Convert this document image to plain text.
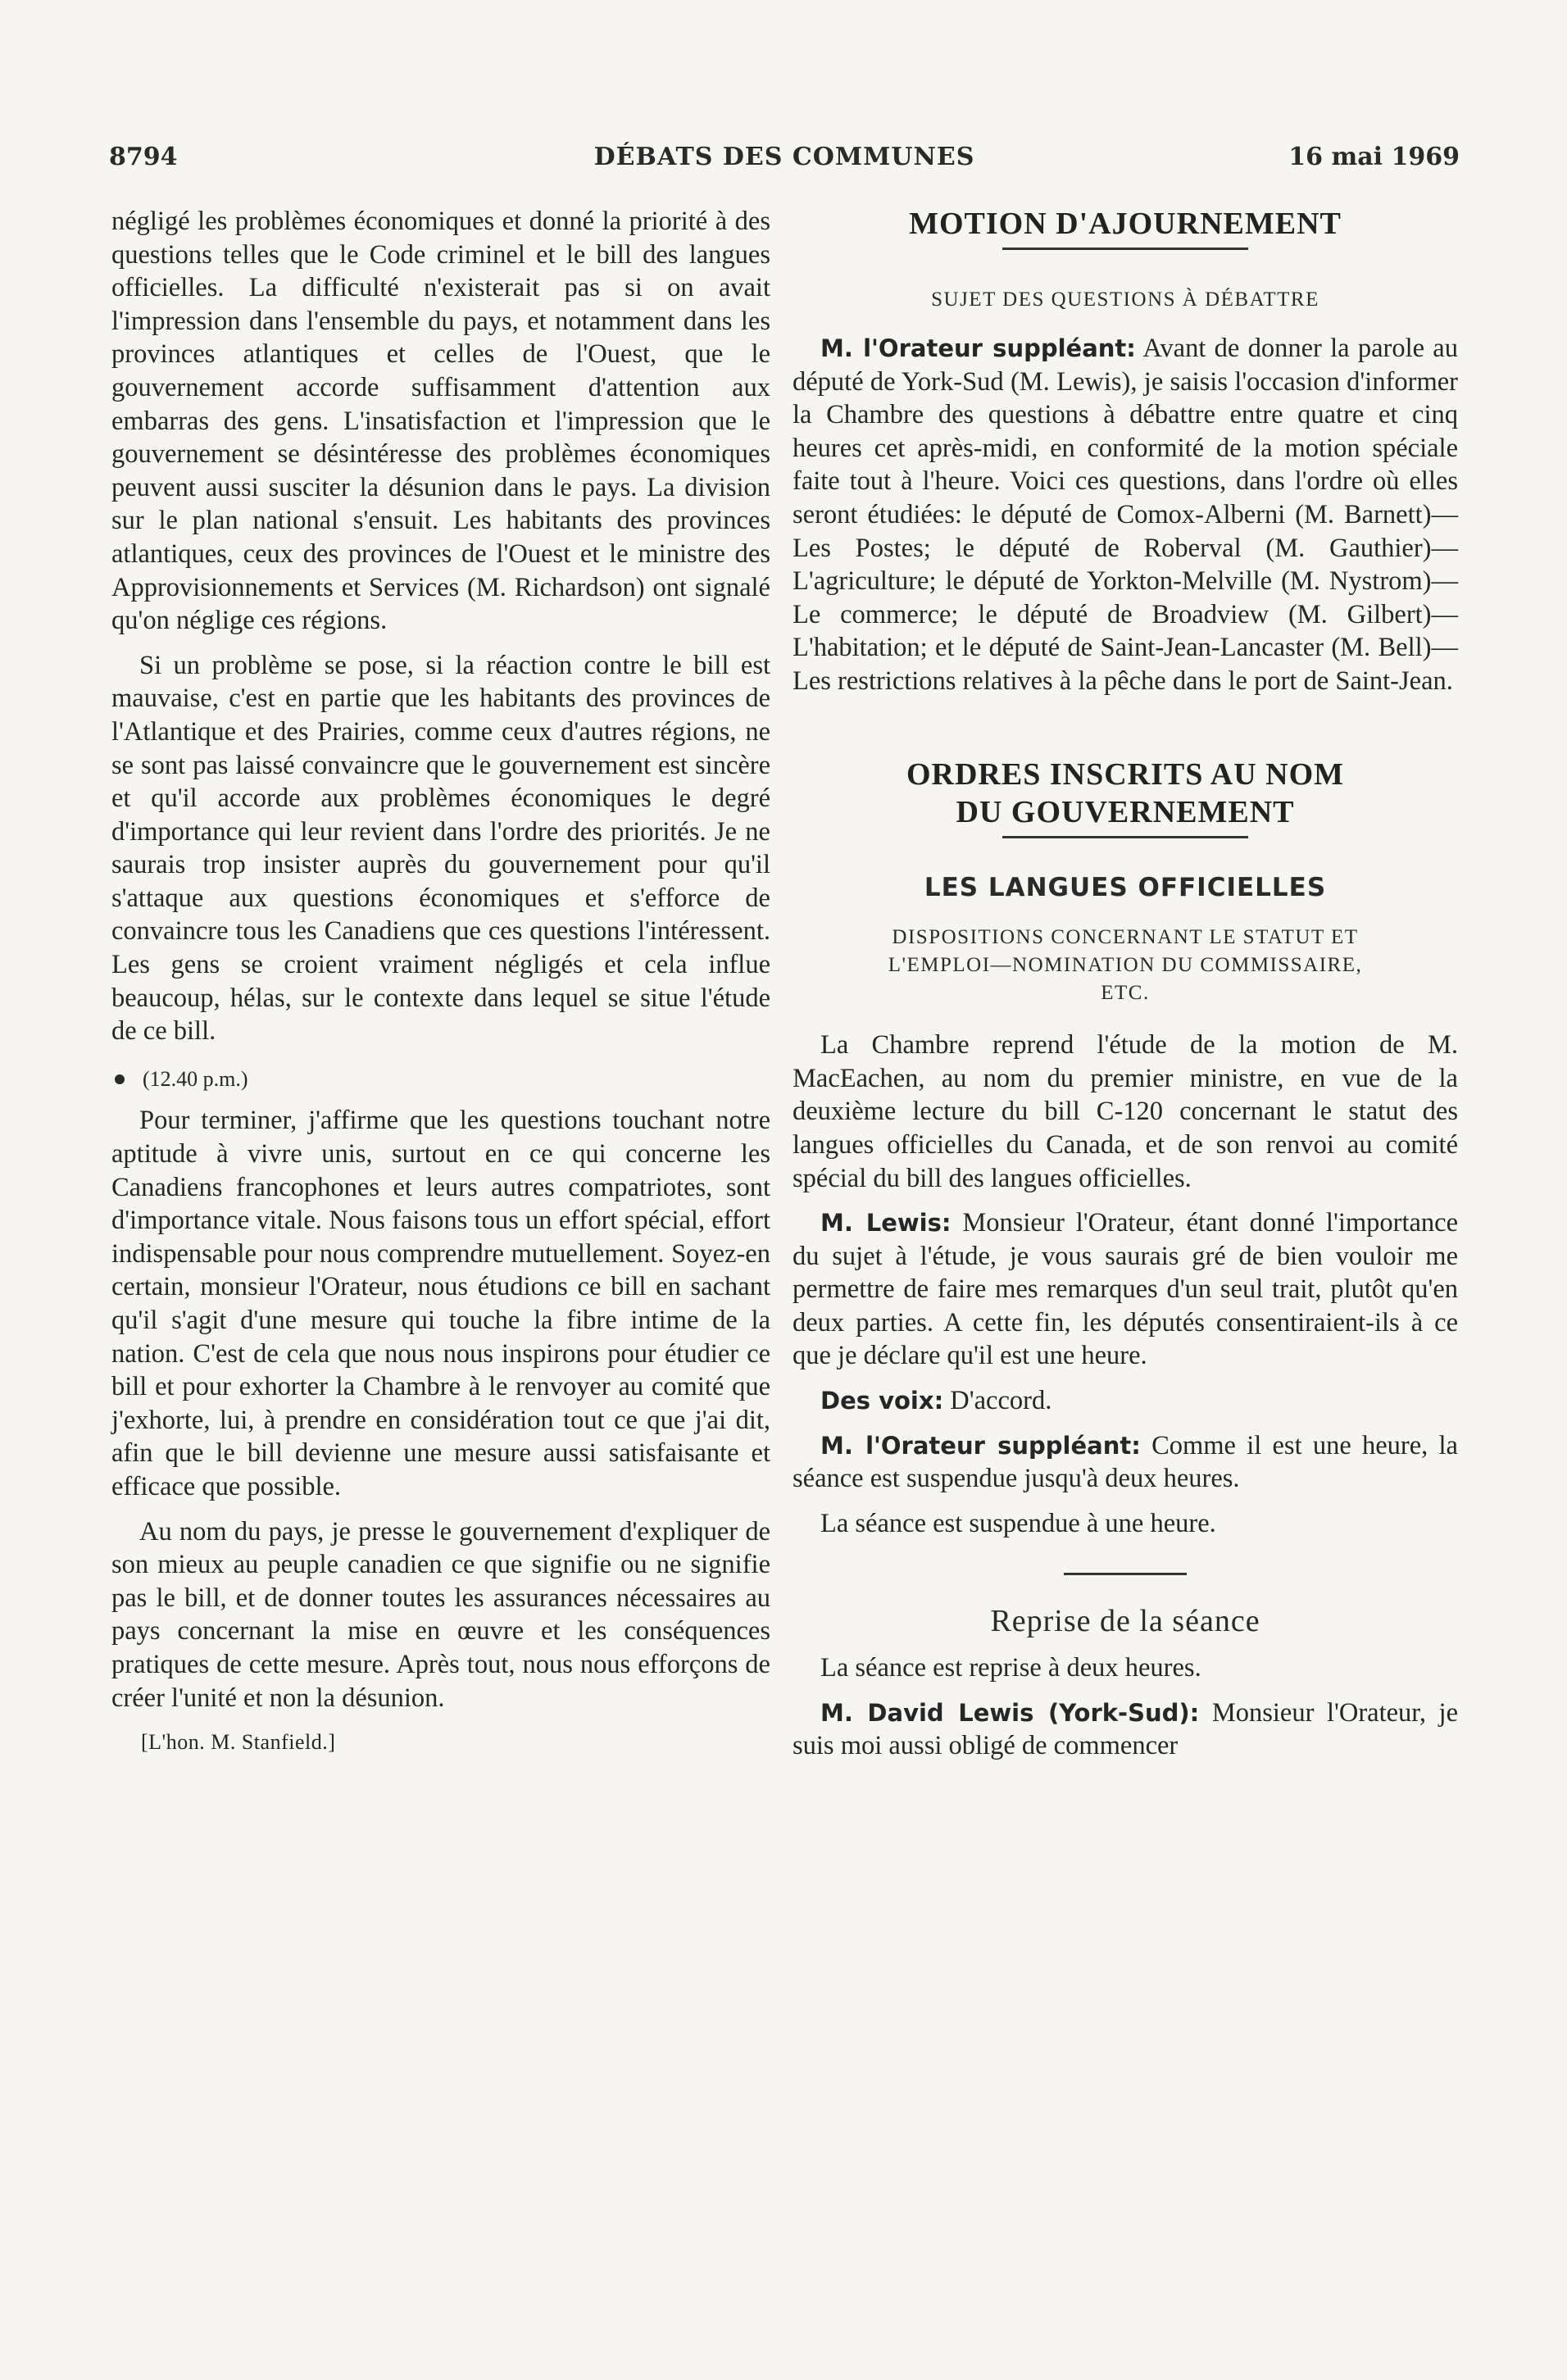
8794	DÉBATS DES COMMUNES	16 mai 1969

négligé les problèmes économiques et donné la priorité à des questions telles que le Code criminel et le bill des langues officielles. La difficulté n'existerait pas si on avait l'impression dans l'ensemble du pays, et notamment dans les provinces atlantiques et celles de l'Ouest, que le gouvernement accorde suffisamment d'attention aux embarras des gens. L'insatisfaction et l'impression que le gouvernement se désintéresse des problèmes économiques peuvent aussi susciter la désunion dans le pays. La division sur le plan national s'ensuit. Les habitants des provinces atlantiques, ceux des provinces de l'Ouest et le ministre des Approvisionnements et Services (M. Richardson) ont signalé qu'on néglige ces régions.

Si un problème se pose, si la réaction contre le bill est mauvaise, c'est en partie que les habitants des provinces de l'Atlantique et des Prairies, comme ceux d'autres régions, ne se sont pas laissé convaincre que le gouvernement est sincère et qu'il accorde aux problèmes économiques le degré d'importance qui leur revient dans l'ordre des priorités. Je ne saurais trop insister auprès du gouvernement pour qu'il s'attaque aux questions économiques et s'efforce de convaincre tous les Canadiens que ces questions l'intéressent. Les gens se croient vraiment négligés et cela influe beaucoup, hélas, sur le contexte dans lequel se situe l'étude de ce bill.

(12.40 p.m.)

Pour terminer, j'affirme que les questions touchant notre aptitude à vivre unis, surtout en ce qui concerne les Canadiens francophones et leurs autres compatriotes, sont d'importance vitale. Nous faisons tous un effort spécial, effort indispensable pour nous comprendre mutuellement. Soyez-en certain, monsieur l'Orateur, nous étudions ce bill en sachant qu'il s'agit d'une mesure qui touche la fibre intime de la nation. C'est de cela que nous nous inspirons pour étudier ce bill et pour exhorter la Chambre à le renvoyer au comité que j'exhorte, lui, à prendre en considération tout ce que j'ai dit, afin que le bill devienne une mesure aussi satisfaisante et efficace que possible.

Au nom du pays, je presse le gouvernement d'expliquer de son mieux au peuple canadien ce que signifie ou ne signifie pas le bill, et de donner toutes les assurances nécessaires au pays concernant la mise en œuvre et les conséquences pratiques de cette mesure. Après tout, nous nous efforçons de créer l'unité et non la désunion.

[L'hon. M. Stanfield.]
MOTION D'AJOURNEMENT
SUJET DES QUESTIONS À DÉBATTRE

M. l'Orateur suppléant: Avant de donner la parole au député de York-Sud (M. Lewis), je saisis l'occasion d'informer la Chambre des questions à débattre entre quatre et cinq heures cet après-midi, en conformité de la motion spéciale faite tout à l'heure. Voici ces questions, dans l'ordre où elles seront étudiées: le député de Comox-Alberni (M. Barnett)—Les Postes; le député de Roberval (M. Gauthier)—L'agriculture; le député de Yorkton-Melville (M. Nystrom)—Le commerce; le député de Broadview (M. Gilbert)—L'habitation; et le député de Saint-Jean-Lancaster (M. Bell)—Les restrictions relatives à la pêche dans le port de Saint-Jean.

ORDRES INSCRITS AU NOM
DU GOUVERNEMENT
LES LANGUES OFFICIELLES
DISPOSITIONS CONCERNANT LE STATUT ET
L'EMPLOI—NOMINATION DU COMMISSAIRE,
ETC.

La Chambre reprend l'étude de la motion de M. MacEachen, au nom du premier ministre, en vue de la deuxième lecture du bill C-120 concernant le statut des langues officielles du Canada, et de son renvoi au comité spécial du bill des langues officielles.

M. Lewis: Monsieur l'Orateur, étant donné l'importance du sujet à l'étude, je vous saurais gré de bien vouloir me permettre de faire mes remarques d'un seul trait, plutôt qu'en deux parties. A cette fin, les députés consentiraient-ils à ce que je déclare qu'il est une heure.

Des voix: D'accord.

M. l'Orateur suppléant: Comme il est une heure, la séance est suspendue jusqu'à deux heures.

La séance est suspendue à une heure.

Reprise de la séance

La séance est reprise à deux heures.

M. David Lewis (York-Sud): Monsieur l'Orateur, je suis moi aussi obligé de commencer
